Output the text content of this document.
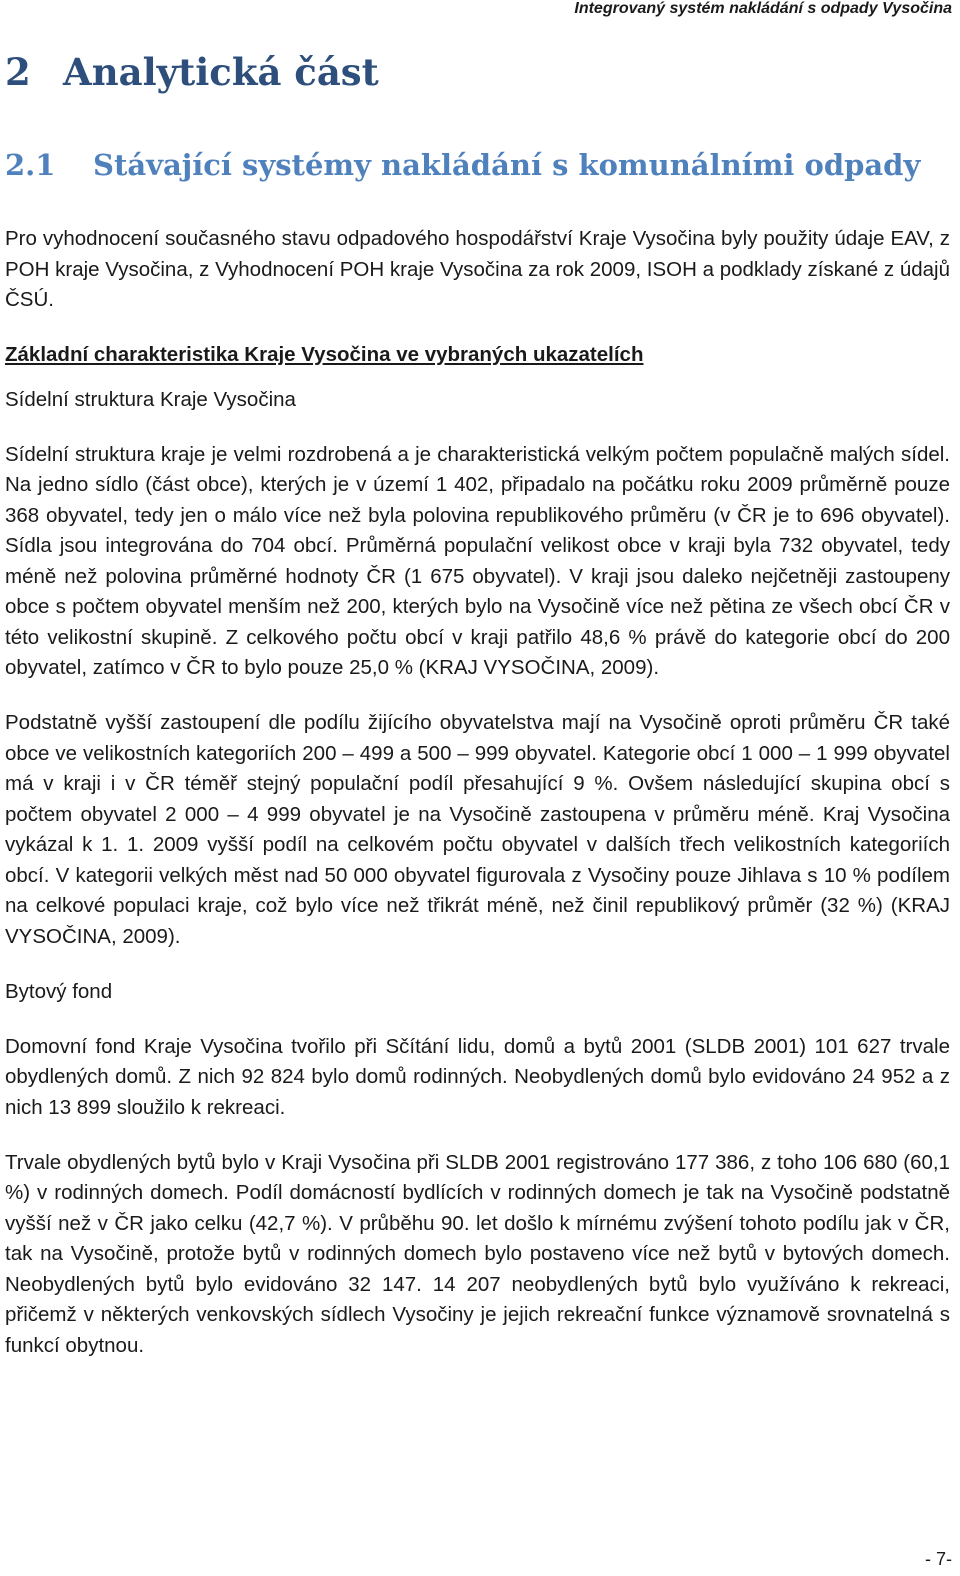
Integrovaný systém nakládání s odpady Vysočina
2 Analytická část
2.1 Stávající systémy nakládání s komunálními odpady

Pro vyhodnocení současného stavu odpadového hospodářství Kraje Vysočina byly použity údaje EAV, z POH kraje Vysočina, z Vyhodnocení POH kraje Vysočina za rok 2009, ISOH a podklady získané z údajů ČSÚ.

Základní charakteristika Kraje Vysočina ve vybraných ukazatelích
Sídelní struktura Kraje Vysočina

Sídelní struktura kraje je velmi rozdrobená a je charakteristická velkým počtem populačně malých sídel. Na jedno sídlo (část obce), kterých je v území 1 402, připadalo na počátku roku 2009 průměrně pouze 368 obyvatel, tedy jen o málo více než byla polovina republikového průměru (v ČR je to 696 obyvatel). Sídla jsou integrována do 704 obcí. Průměrná populační velikost obce v kraji byla 732 obyvatel, tedy méně než polovina průměrné hodnoty ČR (1 675 obyvatel). V kraji jsou daleko nejčetněji zastoupeny obce s počtem obyvatel menším než 200, kterých bylo na Vysočině více než pětina ze všech obcí ČR v této velikostní skupině. Z celkového počtu obcí v kraji patřilo 48,6 % právě do kategorie obcí do 200 obyvatel, zatímco v ČR to bylo pouze 25,0 % (KRAJ VYSOČINA, 2009).

Podstatně vyšší zastoupení dle podílu žijícího obyvatelstva mají na Vysočině oproti průměru ČR také obce ve velikostních kategoriích 200 – 499 a 500 – 999 obyvatel. Kategorie obcí 1 000 – 1 999 obyvatel má v kraji i v ČR téměř stejný populační podíl přesahující 9 %. Ovšem následující skupina obcí s počtem obyvatel 2 000 – 4 999 obyvatel je na Vysočině zastoupena v průměru méně. Kraj Vysočina vykázal k 1. 1. 2009 vyšší podíl na celkovém počtu obyvatel v dalších třech velikostních kategoriích obcí. V kategorii velkých měst nad 50 000 obyvatel figurovala z Vysočiny pouze Jihlava s 10 % podílem na celkové populaci kraje, což bylo více než třikrát méně, než činil republikový průměr (32 %) (KRAJ VYSOČINA, 2009).

Bytový fond

Domovní fond Kraje Vysočina tvořilo při Sčítání lidu, domů a bytů 2001 (SLDB 2001) 101 627 trvale obydlených domů. Z nich 92 824 bylo domů rodinných. Neobydlených domů bylo evidováno 24 952 a z nich 13 899 sloužilo k rekreaci.

Trvale obydlených bytů bylo v Kraji Vysočina při SLDB 2001 registrováno 177 386, z toho 106 680 (60,1 %) v rodinných domech. Podíl domácností bydlících v rodinných domech je tak na Vysočině podstatně vyšší než v ČR jako celku (42,7 %). V průběhu 90. let došlo k mírnému zvýšení tohoto podílu jak v ČR, tak na Vysočině, protože bytů v rodinných domech bylo postaveno více než bytů v bytových domech. Neobydlených bytů bylo evidováno 32 147. 14 207 neobydlených bytů bylo využíváno k rekreaci, přičemž v některých venkovských sídlech Vysočiny je jejich rekreační funkce významově srovnatelná s funkcí obytnou.

- 7-
